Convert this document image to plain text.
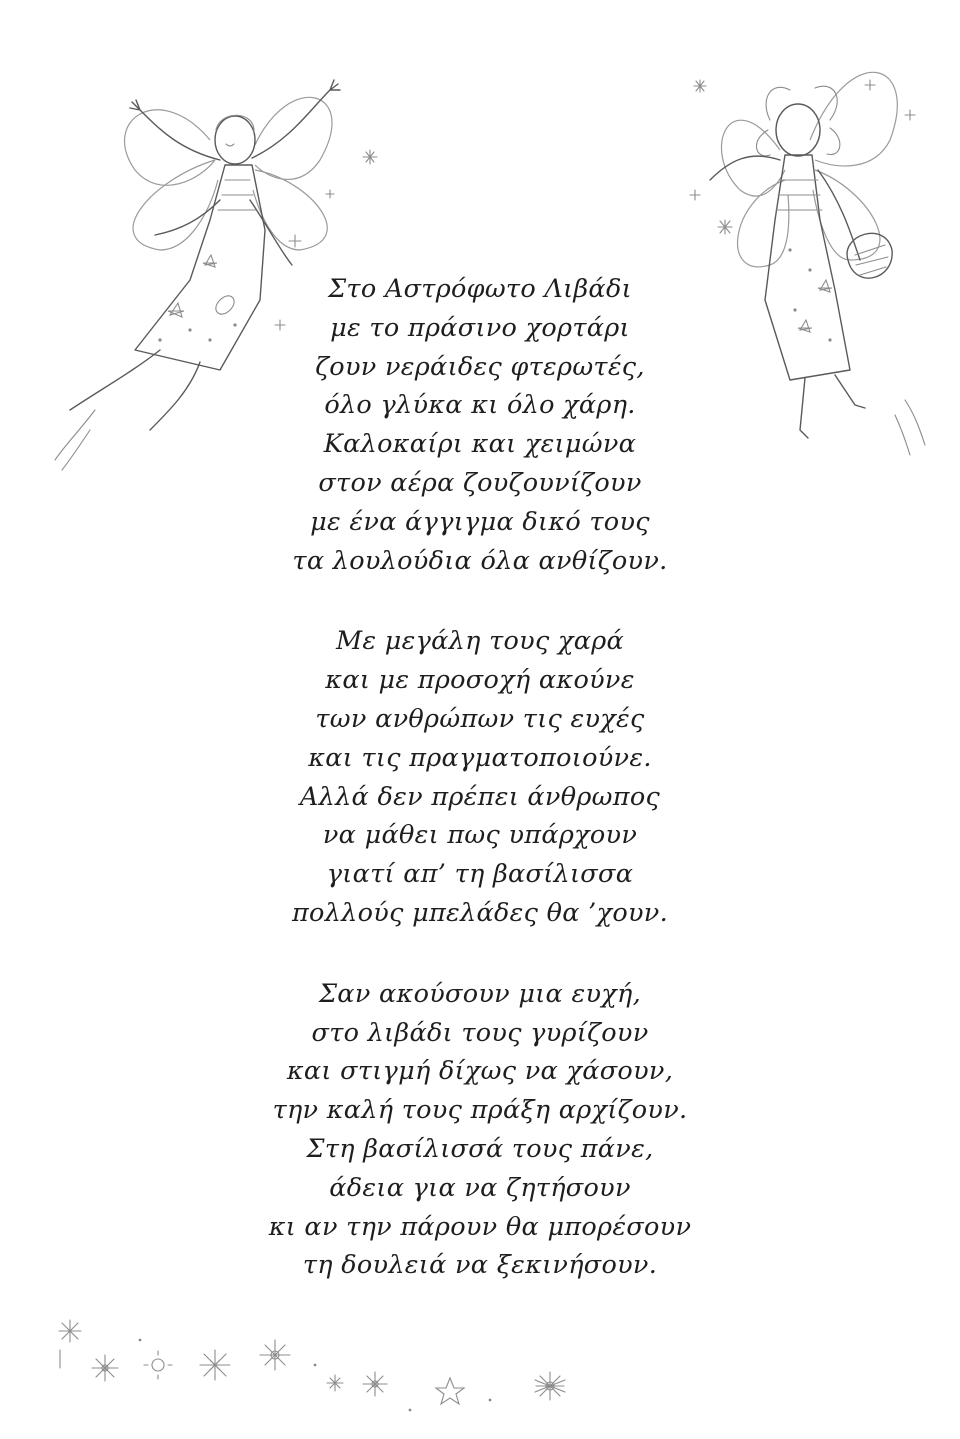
Στο Αστρόφωτο Λιβάδι
με το πράσινο χορτάρι
ζουν νεράιδες φτερωτές,
όλο γλύκα κι όλο χάρη.
Καλοκαίρι και χειμώνα
στον αέρα ζουζουνίζουν
με ένα άγγιγμα δικό τους
τα λουλούδια όλα ανθίζουν.
Με μεγάλη τους χαρά
και με προσοχή ακούνε
των ανθρώπων τις ευχές
και τις πραγματοποιούνε.
Αλλά δεν πρέπει άνθρωπος
να μάθει πως υπάρχουν
γιατί απ’ τη βασίλισσα
πολλούς μπελάδες θα ’χουν.
Σαν ακούσουν μια ευχή,
στο λιβάδι τους γυρίζουν
και στιγμή δίχως να χάσουν,
την καλή τους πράξη αρχίζουν.
Στη βασίλισσά τους πάνε,
άδεια για να ζητήσουν
κι αν την πάρουν θα μπορέσουν
τη δουλειά να ξεκινήσουν.
